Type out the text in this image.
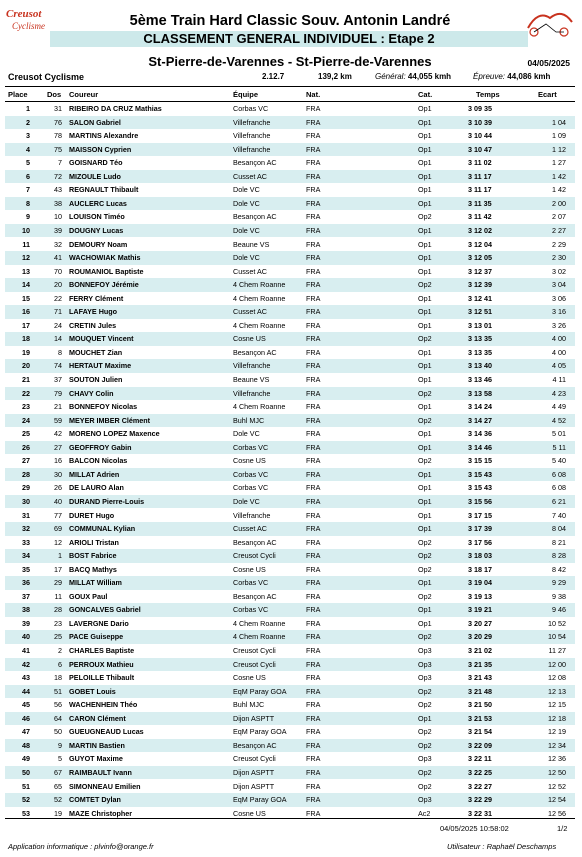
Creusot
Cyclisme	5ème Train Hard Classic Souv. Antonin Landré
CLASSEMENT GENERAL INDIVIDUEL : Etape 2
St-Pierre-de-Varennes - St-Pierre-de-Varennes	04/05/2025
Creusot Cyclisme	2.12.7	139,2 km	Général: 44,055 kmh	Épreuve: 44,086 kmh
Place	Dos Coureur	Équipe	Nat.	Cat.	Temps	Ecart
1	31 RIBEIRO DA CRUZ Mathias	Corbas VC	FRA	Op1	3 09 35
2	76 SALON Gabriel	Villefranche	FRA	Op1	3 10 39	1 04
3	78 MARTINS Alexandre	Villefranche	FRA	Op1	3 10 44	1 09
4	75 MAISSON Cyprien	Villefranche	FRA	Op1	3 10 47	1 12
5	7 GOISNARD Téo	Besançon AC	FRA	Op1	3 11 02	1 27
6	72 MIZOULE Ludo	Cusset AC	FRA	Op1	3 11 17	1 42
7	43 REGNAULT Thibault	Dole VC	FRA	Op1	3 11 17	1 42
8	38 AUCLERC Lucas	Dole VC	FRA	Op1	3 11 35	2 00
9	10 LOUISON Timéo	Besançon AC	FRA	Op2	3 11 42	2 07
10	39 DOUGNY Lucas	Dole VC	FRA	Op1	3 12 02	2 27
11	32 DEMOURY Noam	Beaune VS	FRA	Op1	3 12 04	2 29
12	41 WACHOWIAK Mathis	Dole VC	FRA	Op1	3 12 05	2 30
13	70 ROUMANIOL Baptiste	Cusset AC	FRA	Op1	3 12 37	3 02
14	20 BONNEFOY Jérémie	4 Chem Roanne	FRA	Op2	3 12 39	3 04
15	22 FERRY Clément	4 Chem Roanne	FRA	Op1	3 12 41	3 06
16	71 LAFAYE Hugo	Cusset AC	FRA	Op1	3 12 51	3 16
17	24 CRETIN Jules	4 Chem Roanne	FRA	Op1	3 13 01	3 26
18	14 MOUQUET Vincent	Cosne US	FRA	Op2	3 13 35	4 00
19	8 MOUCHET Zian	Besançon AC	FRA	Op1	3 13 35	4 00
20	74 HERTAUT Maxime	Villefranche	FRA	Op1	3 13 40	4 05
21	37 SOUTON Julien	Beaune VS	FRA	Op1	3 13 46	4 11
22	79 CHAVY Colin	Villefranche	FRA	Op2	3 13 58	4 23
23	21 BONNEFOY Nicolas	4 Chem Roanne	FRA	Op1	3 14 24	4 49
24	59 MEYER IMBER Clément	Buhl MJC	FRA	Op2	3 14 27	4 52
25	42 MORENO LOPEZ Maxence	Dole VC	FRA	Op1	3 14 36	5 01
26	27 GEOFFROY Gabin	Corbas VC	FRA	Op1	3 14 46	5 11
27	16 BALCON Nicolas	Cosne US	FRA	Op2	3 15 15	5 40
28	30 MILLAT Adrien	Corbas VC	FRA	Op1	3 15 43	6 08
29	26 DE LAURO Alan	Corbas VC	FRA	Op1	3 15 43	6 08
30	40 DURAND Pierre-Louis	Dole VC	FRA	Op1	3 15 56	6 21
31	77 DURET Hugo	Villefranche	FRA	Op1	3 17 15	7 40
32	69 COMMUNAL Kylian	Cusset AC	FRA	Op1	3 17 39	8 04
33	12 ARIOLI Tristan	Besançon AC	FRA	Op2	3 17 56	8 21
34	1 BOST Fabrice	Creusot Cycli	FRA	Op2	3 18 03	8 28
35	17 BACQ Mathys	Cosne US	FRA	Op2	3 18 17	8 42
36	29 MILLAT William	Corbas VC	FRA	Op1	3 19 04	9 29
37	11 GOUX Paul	Besançon AC	FRA	Op2	3 19 13	9 38
38	28 GONCALVES Gabriel	Corbas VC	FRA	Op1	3 19 21	9 46
39	23 LAVERGNE Dario	4 Chem Roanne	FRA	Op1	3 20 27	10 52
40	25 PACE Guiseppe	4 Chem Roanne	FRA	Op2	3 20 29	10 54
41	2 CHARLES Baptiste	Creusot Cycli	FRA	Op3	3 21 02	11 27
42	6 PERROUX Mathieu	Creusot Cycli	FRA	Op3	3 21 35	12 00
43	18 PELOILLE Thibault	Cosne US	FRA	Op3	3 21 43	12 08
44	51 GOBET Louis	EqM Paray GOA	FRA	Op2	3 21 48	12 13
45	56 WACHENHEIN Théo	Buhl MJC	FRA	Op2	3 21 50	12 15
46	64 CARON Clément	Dijon ASPTT	FRA	Op1	3 21 53	12 18
47	50 GUEUGNEAUD Lucas	EqM Paray GOA	FRA	Op2	3 21 54	12 19
48	9 MARTIN Bastien	Besançon AC	FRA	Op2	3 22 09	12 34
49	5 GUYOT Maxime	Creusot Cycli	FRA	Op3	3 22 11	12 36
50	67 RAIMBAULT Ivann	Dijon ASPTT	FRA	Op2	3 22 25	12 50
51	65 SIMONNEAU Emilien	Dijon ASPTT	FRA	Op2	3 22 27	12 52
52	52 COMTET Dylan	EqM Paray GOA	FRA	Op3	3 22 29	12 54
53	19 MAZE Christopher	Cosne US	FRA	Ac2	3 22 31	12 56
04/05/2025 10:58:02	1/2
Application informatique : plvinfo@orange.fr	Utilisateur : Raphaël Deschamps
